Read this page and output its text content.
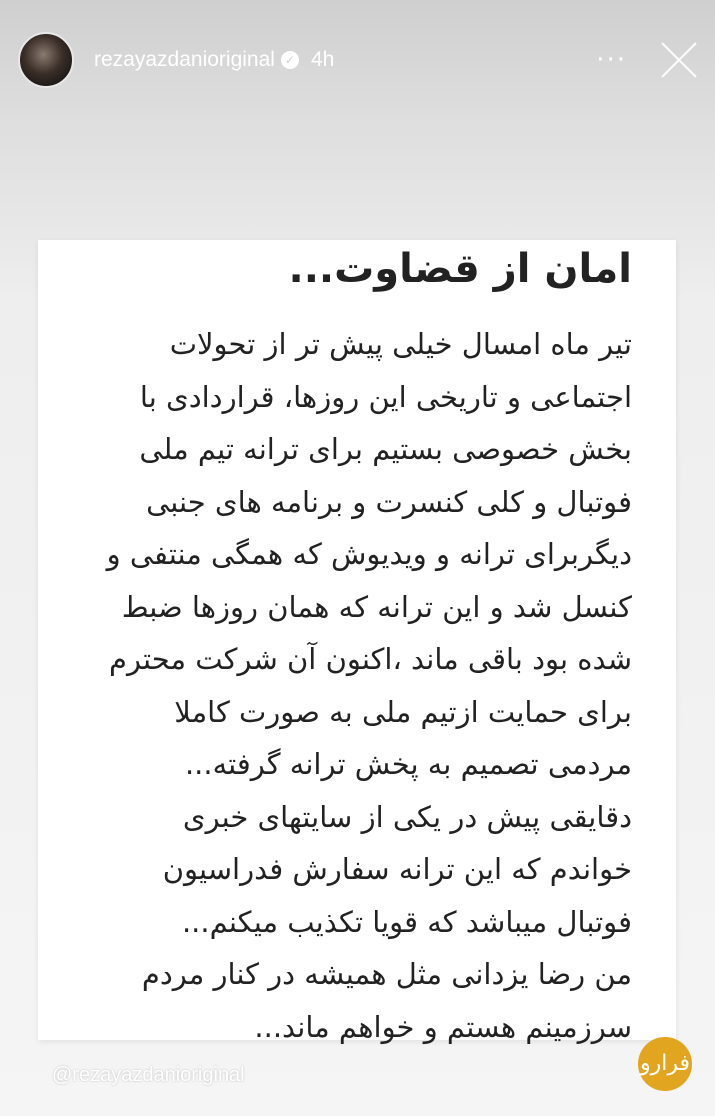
rezayazdanioriginal ✓ 4h	···
امان از قضاوت...
تیر ماه امسال خیلی پیش تر از تحولات
اجتماعی و تاریخی این روزها، قراردادی با
بخش خصوصی بستیم برای ترانه تیم ملی
فوتبال و کلی کنسرت و برنامه های جنبی
دیگربرای ترانه و ویدیوش که همگی منتفی و
کنسل شد و این ترانه که همان روزها ضبط
شده بود باقی ماند ،اکنون آن شرکت محترم
برای حمایت ازتیم ملی به صورت کاملا
مردمی تصمیم به پخش ترانه گرفته...
دقایقی پیش در یکی از سایتهای خبری
خواندم که این ترانه سفارش فدراسیون
فوتبال میباشد که قویا تکذیب میکنم...
من رضا یزدانی مثل همیشه در کنار مردم
سرزمینم هستم و خواهم ماند...
@rezayazdanioriginal	فرارو
